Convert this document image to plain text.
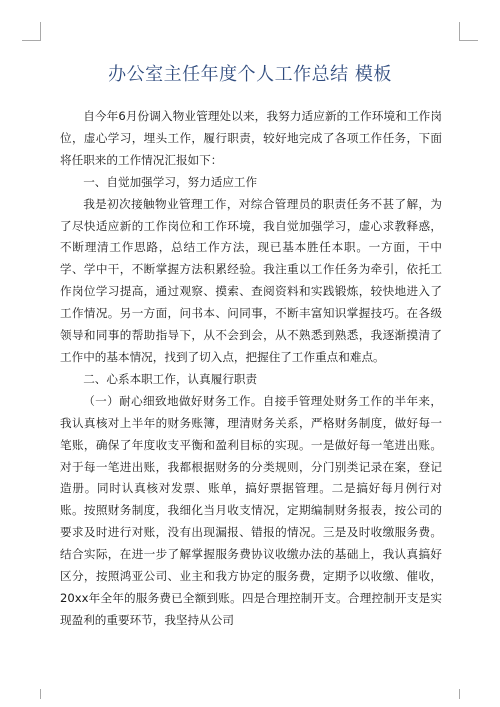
办公室主任年度个人工作总结 模板

自今年6月份调入物业管理处以来，我努力适应新的工作环境和工作岗位，虚心学习，埋头工作，履行职责，较好地完成了各项工作任务，下面将任职来的工作情况汇报如下：

一、自觉加强学习，努力适应工作

我是初次接触物业管理工作，对综合管理员的职责任务不甚了解，为了尽快适应新的工作岗位和工作环境，我自觉加强学习，虚心求教释惑，不断理清工作思路，总结工作方法，现已基本胜任本职。一方面，干中学、学中干，不断掌握方法积累经验。我注重以工作任务为牵引，依托工作岗位学习提高，通过观察、摸索、查阅资料和实践锻炼，较快地进入了工作情况。另一方面，问书本、问同事，不断丰富知识掌握技巧。在各级领导和同事的帮助指导下，从不会到会，从不熟悉到熟悉，我逐渐摸清了工作中的基本情况，找到了切入点，把握住了工作重点和难点。

二、心系本职工作，认真履行职责

（一）耐心细致地做好财务工作。自接手管理处财务工作的半年来，我认真核对上半年的财务账簿，理清财务关系，严格财务制度，做好每一笔账，确保了年度收支平衡和盈利目标的实现。一是做好每一笔进出账。对于每一笔进出账，我都根据财务的分类规则，分门别类记录在案，登记造册。同时认真核对发票、账单，搞好票据管理。二是搞好每月例行对账。按照财务制度，我细化当月收支情况，定期编制财务报表，按公司的要求及时进行对账，没有出现漏报、错报的情况。三是及时收缴服务费。结合实际，在进一步了解掌握服务费协议收缴办法的基础上，我认真搞好区分，按照鸿亚公司、业主和我方协定的服务费，定期予以收缴、催收，20xx年全年的服务费已全额到账。四是合理控制开支。合理控制开支是实现盈利的重要环节，我坚持从公司
